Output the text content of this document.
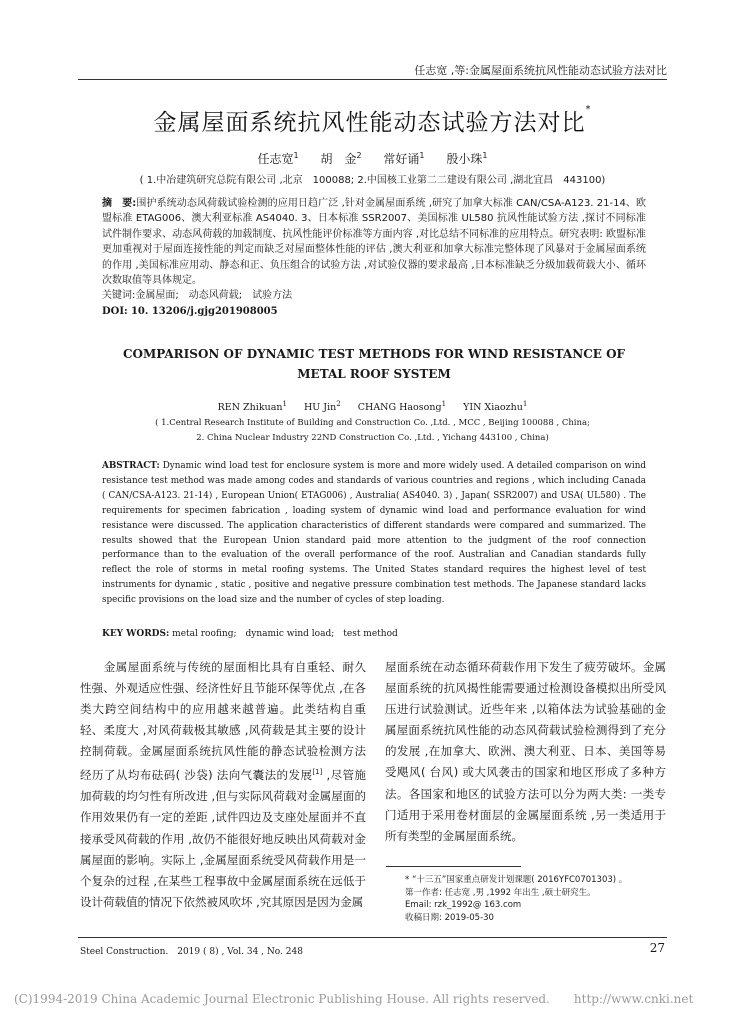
任志宽 ,等:金属屋面系统抗风性能动态试验方法对比
金属屋面系统抗风性能动态试验方法对比*
任志宽$^1$ 胡　金$^2$ 常好诵$^1$ 殷小珠$^1$
( 1.中冶建筑研究总院有限公司 ,北京　100088; 2.中国核工业第二二建设有限公司 ,湖北宜昌　443100)

摘　要:围护系统动态风荷载试验检测的应用日趋广泛 ,针对金属屋面系统 ,研究了加拿大标准 CAN/CSA-A123. 21-14、欧盟标准 ETAG006、澳大利亚标准 AS4040. 3、日本标准 SSR2007、美国标准 UL580 抗风性能试验方法 ,探讨不同标准试件制作要求、动态风荷载的加载制度、抗风性能评价标准等方面内容 ,对比总结不同标准的应用特点。研究表明: 欧盟标准更加重视对于屋面连接性能的判定而缺乏对屋面整体性能的评估 ,澳大利亚和加拿大标准完整体现了风暴对于金属屋面系统的作用 ,美国标准应用动、静态和正、负压组合的试验方法 ,对试验仪器的要求最高 ,日本标准缺乏分级加载荷载大小、循环次数取值等具体规定。

关键词:金属屋面;　动态风荷载;　试验方法

DOI: 10. 13206/j.gjg201908005

COMPARISON OF DYNAMIC TEST METHODS FOR WIND RESISTANCE OF
METAL ROOF SYSTEM
REN Zhikuan$^1$ HU Jin$^2$ CHANG Haosong$^1$ YIN Xiaozhu$^1$
( 1.Central Research Institute of Building and Construction Co. ,Ltd. , MCC , Beijing 100088 , China;
2. China Nuclear Industry 22ND Construction Co. ,Ltd. , Yichang 443100 , China)
ABSTRACT: Dynamic wind load test for enclosure system is more and more widely used. A detailed comparison on wind resistance test method was made among codes and standards of various countries and regions , which including Canada ( CAN/CSA-A123. 21-14) , European Union( ETAG006) , Australia( AS4040. 3) , Japan( SSR2007) and USA( UL580) . The requirements for specimen fabrication , loading system of dynamic wind load and performance evaluation for wind resistance were discussed. The application characteristics of different standards were compared and summarized. The results showed that the European Union standard paid more attention to the judgment of the roof connection performance than to the evaluation of the overall performance of the roof. Australian and Canadian standards fully reflect the role of storms in metal roofing systems. The United States standard requires the highest level of test instruments for dynamic , static , positive and negative pressure combination test methods. The Japanese standard lacks specific provisions on the load size and the number of cycles of step loading.
KEY WORDS: metal roofing;　dynamic wind load;　test method

　　金属屋面系统与传统的屋面相比具有自重轻、耐久性强、外观适应性强、经济性好且节能环保等优点 ,在各类大跨空间结构中的应用越来越普遍。此类结构自重轻、柔度大 ,对风荷载极其敏感 ,风荷载是其主要的设计控制荷载。金属屋面系统抗风性能的静态试验检测方法经历了从均布砝码( 沙袋) 法向气囊法的发展[1] ,尽管施加荷载的均匀性有所改进 ,但与实际风荷载对金属屋面的作用效果仍有一定的差距 ,试件四边及支座处屋面并不直接承受风荷载的作用 ,故仍不能很好地反映出风荷载对金属屋面的影响。实际上 ,金属屋面系统受风荷载作用是一个复杂的过程 ,在某些工程事故中金属屋面系统在远低于设计荷载值的情况下依然被风吹坏 ,究其原因是因为金属

屋面系统在动态循环荷载作用下发生了疲劳破坏。金属屋面系统的抗风揭性能需要通过检测设备模拟出所受风压进行试验测试。近些年来 ,以箱体法为试验基础的金属屋面系统抗风性能的动态风荷载试验检测得到了充分的发展 ,在加拿大、欧洲、澳大利亚、日本、美国等易受飓风( 台风) 或大风袭击的国家和地区形成了多种方法。各国家和地区的试验方法可以分为两大类: 一类专门适用于采用卷材面层的金属屋面系统 ,另一类适用于所有类型的金属屋面系统。

* “十三五”国家重点研发计划课题( 2016YFC0701303) 。
第一作者: 任志宽 ,男 ,1992 年出生 ,硕士研究生。
Email: rzk_1992@ 163.com
收稿日期: 2019-05-30
Steel Construction.　2019 ( 8) , Vol. 34 , No. 248	27
(C)1994-2019 China Academic Journal Electronic Publishing House. All rights reserved.　　http://www.cnki.net
